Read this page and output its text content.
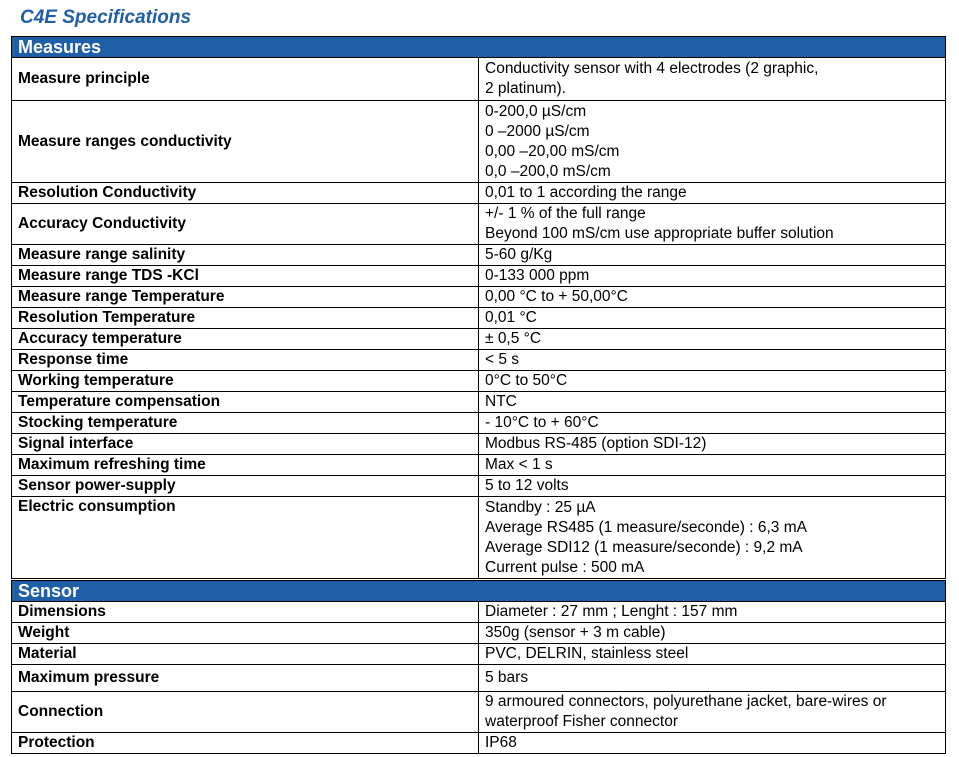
C4E Specifications
Measures	
Measure principle	Conductivity sensor with 4 electrodes (2 graphic,
2 platinum).

Measure ranges conductivity	0-200,0 µS/cm
0 –2000 µS/cm
0,00 –20,00 mS/cm
0,0 –200,0 mS/cm

Resolution Conductivity	0,01 to 1 according the range

Accuracy Conductivity	+/- 1 % of the full range
Beyond 100 mS/cm use appropriate buffer solution

Measure range salinity	5-60 g/Kg

Measure range TDS -KCl	0-133 000 ppm

Measure range Temperature	0,00 °C to + 50,00°C

Resolution Temperature	0,01 °C

Accuracy temperature	± 0,5 °C

Response time	< 5 s

Working temperature	0°C to 50°C

Temperature compensation	NTC

Stocking temperature	- 10°C to + 60°C

Signal interface	Modbus RS-485 (option SDI-12)

Maximum refreshing time	Max < 1 s

Sensor power-supply	5 to 12 volts

Electric consumption	Standby : 25 µA
Average RS485 (1 measure/seconde) : 6,3 mA
Average SDI12 (1 measure/seconde) : 9,2 mA
Current pulse : 500 mA
Sensor	
Dimensions	Diameter : 27 mm ; Lenght : 157 mm

Weight	350g (sensor + 3 m cable)

Material	PVC, DELRIN, stainless steel

Maximum pressure	5 bars

Connection	9 armoured connectors, polyurethane jacket, bare-wires or
waterproof Fisher connector

Protection	IP68
